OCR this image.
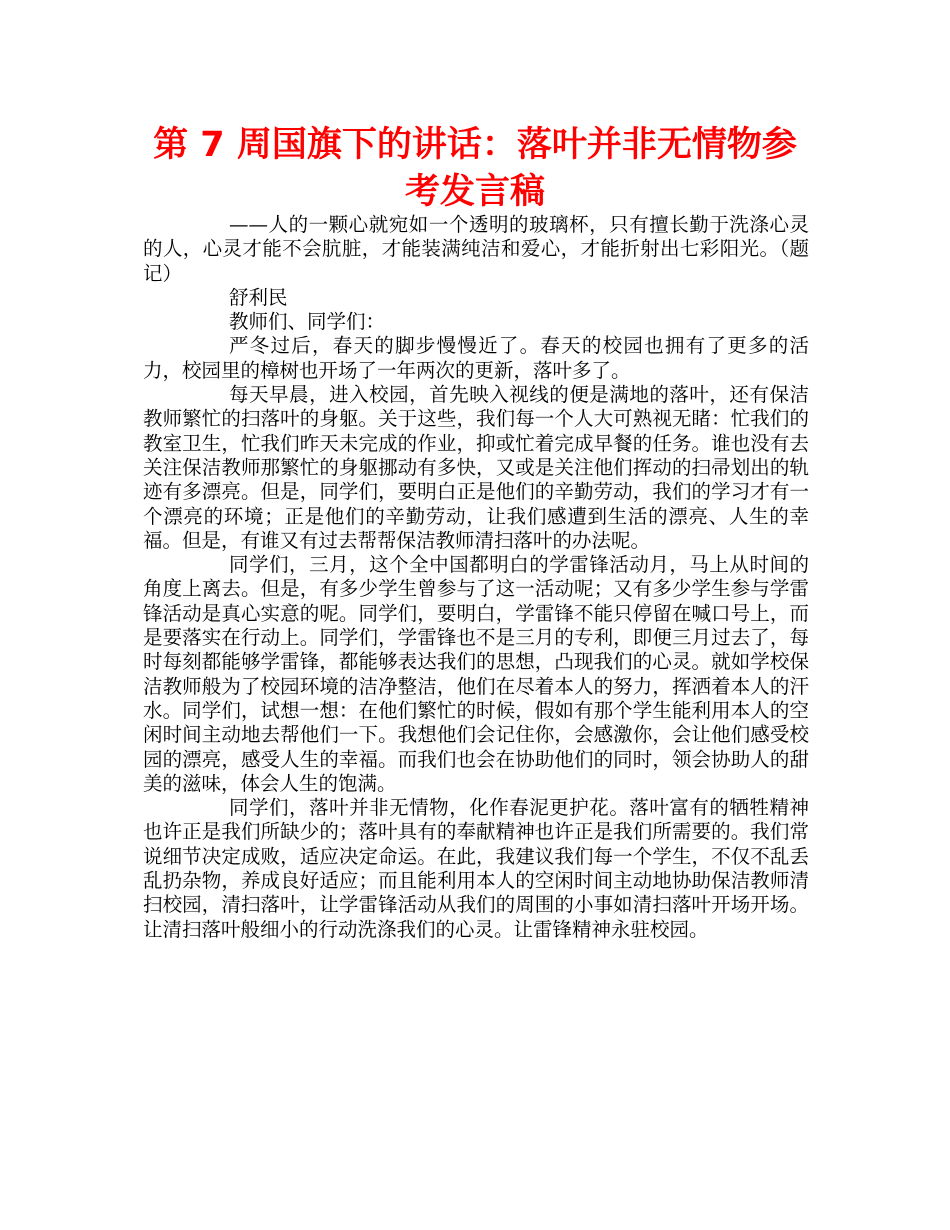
第 7 周国旗下的讲话：落叶并非无情物参考发言稿

——人的一颗心就宛如一个透明的玻璃杯，只有擅长勤于洗涤心灵的人，心灵才能不会肮脏，才能装满纯洁和爱心，才能折射出七彩阳光。（题记）

舒利民

教师们、同学们：

严冬过后，春天的脚步慢慢近了。春天的校园也拥有了更多的活力，校园里的樟树也开场了一年两次的更新，落叶多了。

每天早晨，进入校园，首先映入视线的便是满地的落叶，还有保洁教师繁忙的扫落叶的身躯。关于这些，我们每一个人大可熟视无睹：忙我们的教室卫生，忙我们昨天未完成的作业，抑或忙着完成早餐的任务。谁也没有去关注保洁教师那繁忙的身躯挪动有多快，又或是关注他们挥动的扫帚划出的轨迹有多漂亮。但是，同学们，要明白正是他们的辛勤劳动，我们的学习才有一个漂亮的环境；正是他们的辛勤劳动，让我们感遭到生活的漂亮、人生的幸福。但是，有谁又有过去帮帮保洁教师清扫落叶的办法呢。

同学们，三月，这个全中国都明白的学雷锋活动月，马上从时间的角度上离去。但是，有多少学生曾参与了这一活动呢；又有多少学生参与学雷锋活动是真心实意的呢。同学们，要明白，学雷锋不能只停留在喊口号上，而是要落实在行动上。同学们，学雷锋也不是三月的专利，即便三月过去了，每时每刻都能够学雷锋，都能够表达我们的思想，凸现我们的心灵。就如学校保洁教师般为了校园环境的洁净整洁，他们在尽着本人的努力，挥洒着本人的汗水。同学们，试想一想：在他们繁忙的时候，假如有那个学生能利用本人的空闲时间主动地去帮他们一下。我想他们会记住你，会感激你，会让他们感受校园的漂亮，感受人生的幸福。而我们也会在协助他们的同时，领会协助人的甜美的滋味，体会人生的饱满。

同学们，落叶并非无情物，化作春泥更护花。落叶富有的牺牲精神也许正是我们所缺少的；落叶具有的奉献精神也许正是我们所需要的。我们常说细节决定成败，适应决定命运。在此，我建议我们每一个学生，不仅不乱丢乱扔杂物，养成良好适应；而且能利用本人的空闲时间主动地协助保洁教师清扫校园，清扫落叶，让学雷锋活动从我们的周围的小事如清扫落叶开场开场。让清扫落叶般细小的行动洗涤我们的心灵。让雷锋精神永驻校园。
